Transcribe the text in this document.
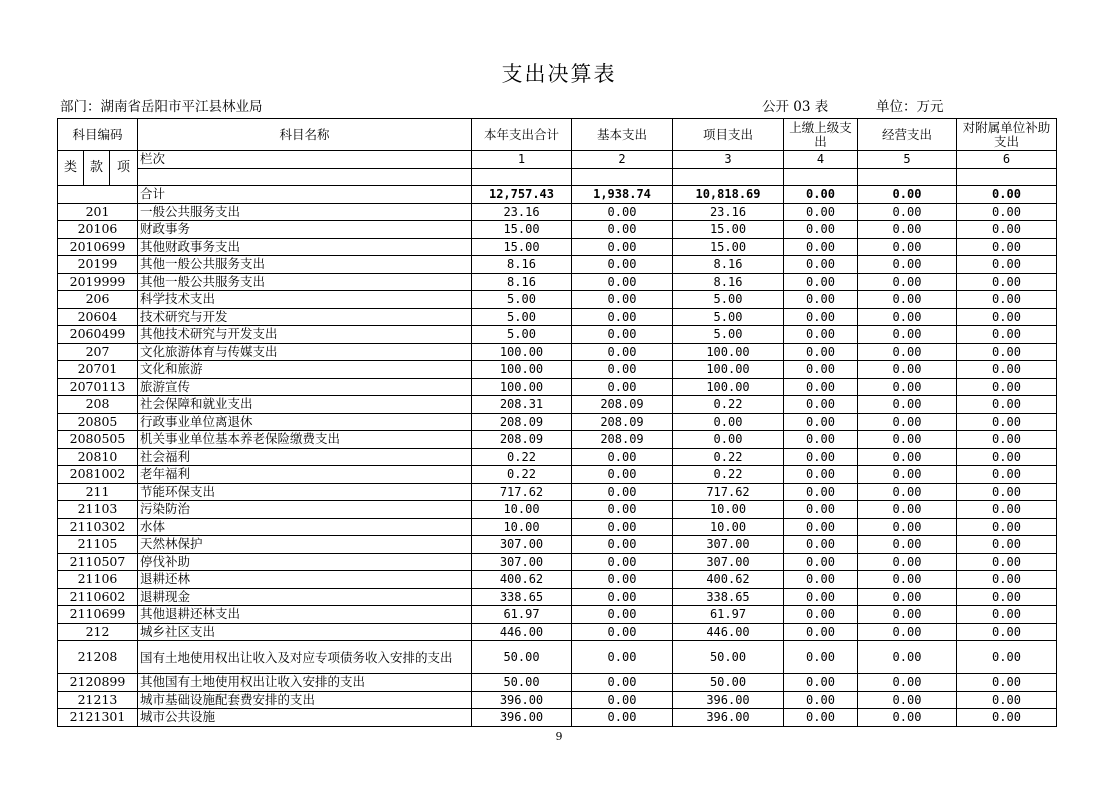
支出决算表
部门：湖南省岳阳市平江县林业局	公开 03 表	单位：万元
科目编码			科目名称	本年支出合计	基本支出	项目支出	上缴上级支出	经营支出	对附属单位补助支出
类	款	项	栏次	1	2	3	4	5	6

			合计	12,757.43	1,938.74	10,818.69	0.00	0.00	0.00
201			一般公共服务支出	23.16	0.00	23.16	0.00	0.00	0.00
20106			财政事务	15.00	0.00	15.00	0.00	0.00	0.00
2010699			其他财政事务支出	15.00	0.00	15.00	0.00	0.00	0.00
20199			其他一般公共服务支出	8.16	0.00	8.16	0.00	0.00	0.00
2019999			其他一般公共服务支出	8.16	0.00	8.16	0.00	0.00	0.00
206			科学技术支出	5.00	0.00	5.00	0.00	0.00	0.00
20604			技术研究与开发	5.00	0.00	5.00	0.00	0.00	0.00
2060499			其他技术研究与开发支出	5.00	0.00	5.00	0.00	0.00	0.00
207			文化旅游体育与传媒支出	100.00	0.00	100.00	0.00	0.00	0.00
20701			文化和旅游	100.00	0.00	100.00	0.00	0.00	0.00
2070113			旅游宣传	100.00	0.00	100.00	0.00	0.00	0.00
208			社会保障和就业支出	208.31	208.09	0.22	0.00	0.00	0.00
20805			行政事业单位离退休	208.09	208.09	0.00	0.00	0.00	0.00
2080505			机关事业单位基本养老保险缴费支出	208.09	208.09	0.00	0.00	0.00	0.00
20810			社会福利	0.22	0.00	0.22	0.00	0.00	0.00
2081002			老年福利	0.22	0.00	0.22	0.00	0.00	0.00
211			节能环保支出	717.62	0.00	717.62	0.00	0.00	0.00
21103			污染防治	10.00	0.00	10.00	0.00	0.00	0.00
2110302			水体	10.00	0.00	10.00	0.00	0.00	0.00
21105			天然林保护	307.00	0.00	307.00	0.00	0.00	0.00
2110507			停伐补助	307.00	0.00	307.00	0.00	0.00	0.00
21106			退耕还林	400.62	0.00	400.62	0.00	0.00	0.00
2110602			退耕现金	338.65	0.00	338.65	0.00	0.00	0.00
2110699			其他退耕还林支出	61.97	0.00	61.97	0.00	0.00	0.00
212			城乡社区支出	446.00	0.00	446.00	0.00	0.00	0.00
21208			国有土地使用权出让收入及对应专项债务收入安排的支出	50.00	0.00	50.00	0.00	0.00	0.00
2120899			其他国有土地使用权出让收入安排的支出	50.00	0.00	50.00	0.00	0.00	0.00
21213			城市基础设施配套费安排的支出	396.00	0.00	396.00	0.00	0.00	0.00
2121301			城市公共设施	396.00	0.00	396.00	0.00	0.00	0.00
9
